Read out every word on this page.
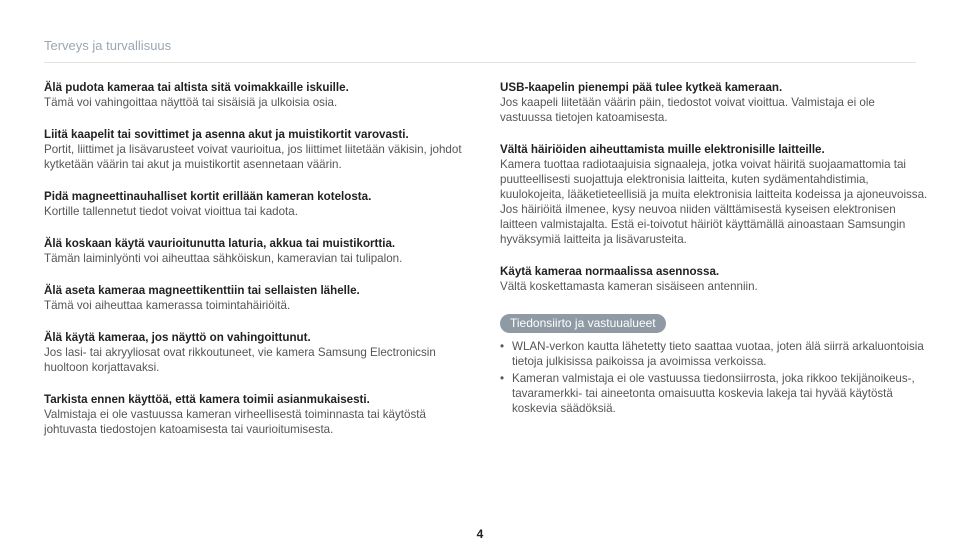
Terveys ja turvallisuus
Älä pudota kameraa tai altista sitä voimakkaille iskuille.
Tämä voi vahingoittaa näyttöä tai sisäisiä ja ulkoisia osia.
Liitä kaapelit tai sovittimet ja asenna akut ja muistikortit varovasti.
Portit, liittimet ja lisävarusteet voivat vaurioitua, jos liittimet liitetään väkisin, johdot kytketään väärin tai akut ja muistikortit asennetaan väärin.
Pidä magneettinauhalliset kortit erillään kameran kotelosta.
Kortille tallennetut tiedot voivat vioittua tai kadota.
Älä koskaan käytä vaurioitunutta laturia, akkua tai muistikorttia.
Tämän laiminlyönti voi aiheuttaa sähköiskun, kameravian tai tulipalon.
Älä aseta kameraa magneettikenttiin tai sellaisten lähelle.
Tämä voi aiheuttaa kamerassa toimintahäiriöitä.
Älä käytä kameraa, jos näyttö on vahingoittunut.
Jos lasi- tai akryyliosat ovat rikkoutuneet, vie kamera Samsung Electronicsin huoltoon korjattavaksi.
Tarkista ennen käyttöä, että kamera toimii asianmukaisesti.
Valmistaja ei ole vastuussa kameran virheellisestä toiminnasta tai käytöstä johtuvasta tiedostojen katoamisesta tai vaurioitumisesta.
USB-kaapelin pienempi pää tulee kytkeä kameraan.
Jos kaapeli liitetään väärin päin, tiedostot voivat vioittua. Valmistaja ei ole vastuussa tietojen katoamisesta.
Vältä häiriöiden aiheuttamista muille elektronisille laitteille.
Kamera tuottaa radiotaajuisia signaaleja, jotka voivat häiritä suojaamattomia tai puutteellisesti suojattuja elektronisia laitteita, kuten sydämentahdistimia, kuulokojeita, lääketieteellisiä ja muita elektronisia laitteita kodeissa ja ajoneuvoissa. Jos häiriöitä ilmenee, kysy neuvoa niiden välttämisestä kyseisen elektronisen laitteen valmistajalta. Estä ei-toivotut häiriöt käyttämällä ainoastaan Samsungin hyväksymiä laitteita ja lisävarusteita.
Käytä kameraa normaalissa asennossa.
Vältä koskettamasta kameran sisäiseen antenniin.
Tiedonsiirto ja vastuualueet
• WLAN-verkon kautta lähetetty tieto saattaa vuotaa, joten älä siirrä arkaluontoisia tietoja julkisissa paikoissa ja avoimissa verkoissa.
• Kameran valmistaja ei ole vastuussa tiedonsiirrosta, joka rikkoo tekijänoikeus-, tavaramerkki- tai aineetonta omaisuutta koskevia lakeja tai hyvää käytöstä koskevia säädöksiä.
4
